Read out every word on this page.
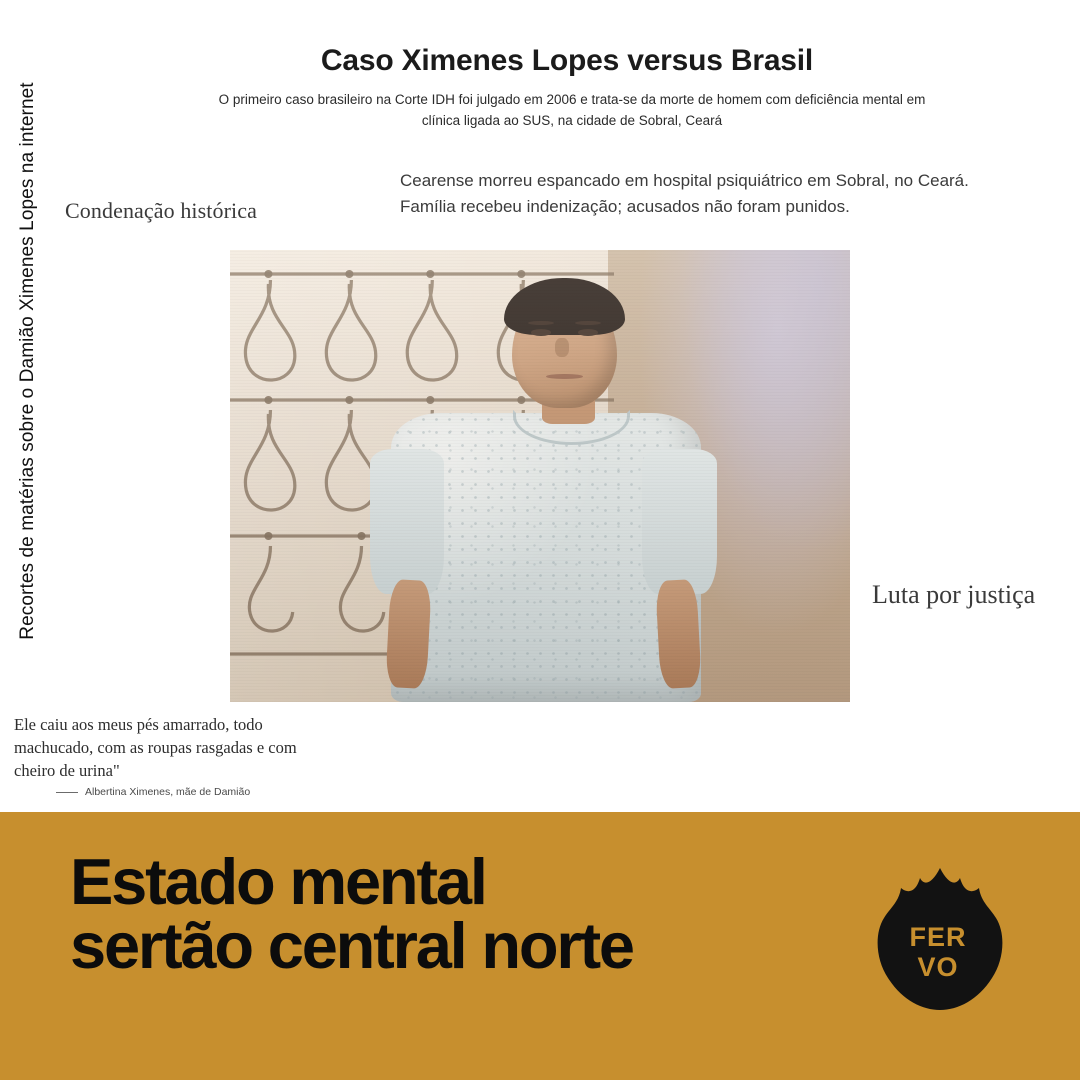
Recortes de matérias sobre o Damião Ximenes Lopes na internet
Caso Ximenes Lopes versus Brasil
O primeiro caso brasileiro na Corte IDH foi julgado em 2006 e trata-se da morte de homem com deficiência mental em clínica ligada ao SUS, na cidade de Sobral, Ceará
Condenação histórica
Cearense morreu espancado em hospital psiquiátrico em Sobral, no Ceará. Família recebeu indenização; acusados não foram punidos.
Luta por justiça
Ele caiu aos meus pés amarrado, todo machucado, com as roupas rasgadas e com cheiro de urina"
Albertina Ximenes, mãe de Damião
Estado mental
sertão central norte	FER
VO
